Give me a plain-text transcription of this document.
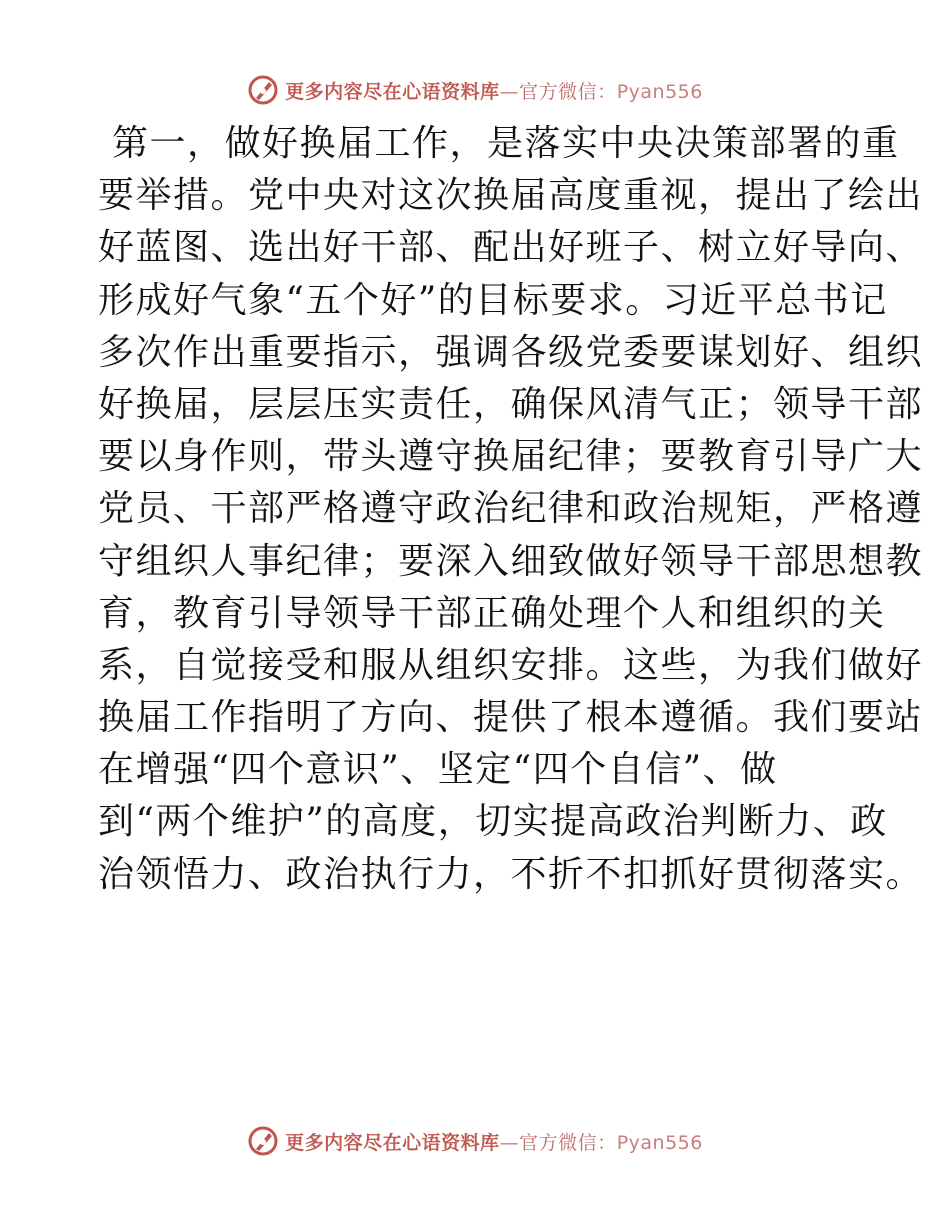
更多内容尽在心语资料库—官方微信：Pyan556
第一，做好换届工作，是落实中央决策部署的重
要举措。党中央对这次换届高度重视，提出了绘出
好蓝图、选出好干部、配出好班子、树立好导向、
形成好气象“五个好”的目标要求。习近平总书记
多次作出重要指示，强调各级党委要谋划好、组织
好换届，层层压实责任，确保风清气正；领导干部
要以身作则，带头遵守换届纪律；要教育引导广大
党员、干部严格遵守政治纪律和政治规矩，严格遵
守组织人事纪律；要深入细致做好领导干部思想教
育，教育引导领导干部正确处理个人和组织的关
系，自觉接受和服从组织安排。这些，为我们做好
换届工作指明了方向、提供了根本遵循。我们要站
在增强“四个意识”、坚定“四个自信”、做
到“两个维护”的高度，切实提高政治判断力、政
治领悟力、政治执行力，不折不扣抓好贯彻落实。
更多内容尽在心语资料库—官方微信：Pyan556
